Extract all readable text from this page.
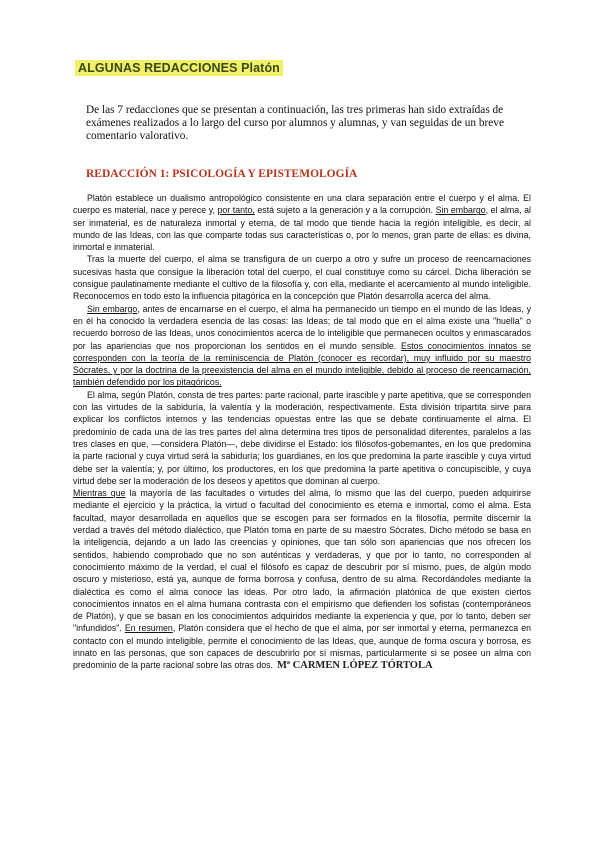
ALGUNAS REDACCIONES Platón

De las 7 redacciones que se presentan a continuación, las tres primeras han sido extraídas de exámenes realizados a lo largo del curso por alumnos y alumnas, y van seguidas de un breve comentario valorativo.

REDACCIÓN 1: PSICOLOGÍA Y EPISTEMOLOGÍA

Platón establece un dualismo antropológico consistente en una clara separación entre el cuerpo y el alma. El cuerpo es material, nace y perece y, por tanto, está sujeto a la generación y a la corrupción. Sin embargo, el alma, al ser inmaterial, es de naturaleza inmortal y eterna, de tal modo que tiende hacia la región inteligible, es decir, al mundo de las Ideas, con las que comparte todas sus características o, por lo menos, gran parte de ellas: es divina, inmortal e inmaterial.

Tras la muerte del cuerpo, el alma se transfigura de un cuerpo a otro y sufre un proceso de reencarnaciones sucesivas hasta que consigue la liberación total del cuerpo, el cual constituye como su cárcel. Dicha liberación se consigue paulatinamente mediante el cultivo de la filosofía y, con ella, mediante el acercamiento al mundo inteligible. Reconocemos en todo esto la influencia pitagórica en la concepción que Platón desarrolla acerca del alma.

Sin embargo, antes de encarnarse en el cuerpo, el alma ha permanecido un tiempo en el mundo de las Ideas, y en él ha conocido la verdadera esencia de las cosas: las Ideas; de tal modo que en el alma existe una "huella" o recuerdo borroso de las Ideas, unos conocimientos acerca de lo inteligible que permanecen ocultos y enmascarados por las apariencias que nos proporcionan los sentidos en el mundo sensible. Estos conocimientos innatos se corresponden con la teoría de la reminiscencia de Platón (conocer es recordar), muy influido por su maestro Sócrates, y por la doctrina de la preexistencia del alma en el mundo inteligible, debido al proceso de reencarnación, también defendido por los pitagóricos.

El alma, según Platón, consta de tres partes: parte racional, parte irascible y parte apetitiva, que se corresponden con las virtudes de la sabiduría, la valentía y la moderación, respectivamente. Esta división tripartita sirve para explicar los conflictos internos y las tendencias opuestas entre las que se debate continuamente el alma. El predominio de cada una de las tres partes del alma determina tres tipos de personalidad diferentes, paralelos a las tres clases en que, —considera Platón—, debe dividirse el Estado: los filósofos-gobernantes, en los que predomina la parte racional y cuya virtud será la sabiduría; los guardianes, en los que predomina la parte irascible y cuya virtud debe ser la valentía; y, por último, los productores, en los que predomina la parte apetitiva o concupiscible, y cuya virtud debe ser la moderación de los deseos y apetitos que dominan al cuerpo.

Mientras que la mayoría de las facultades o virtudes del alma, lo mismo que las del cuerpo, pueden adquirirse mediante el ejercicio y la práctica, la virtud o facultad del conocimiento es eterna e inmortal, como el alma. Esta facultad, mayor desarrollada en aquellos que se escogen para ser formados en la filosofía, permite discernir la verdad a través del método dialéctico, que Platón toma en parte de su maestro Sócrates. Dicho método se basa en la inteligencia, dejando a un lado las creencias y opiniones, que tan sólo son apariencias que nos ofrecen los sentidos, habiendo comprobado que no son auténticas y verdaderas, y que por lo tanto, no corresponden al conocimiento máximo de la verdad, el cual el filósofo es capaz de descubrir por sí mismo, pues, de algún modo oscuro y misterioso, está ya, aunque de forma borrosa y confusa, dentro de su alma. Recordándoles mediante la dialéctica es como el alma conoce las ideas. Por otro lado, la afirmación platónica de que existen ciertos conocimientos innatos en el alma humana contrasta con el empirismo que defienden los sofistas (contemporáneos de Platón), y que se basan en los conocimientos adquiridos mediante la experiencia y que, por lo tanto, deben ser "infundidos". En resumen, Platón considera que el hecho de que el alma, por ser inmortal y eterna, permanezca en contacto con el mundo inteligible, permite el conocimiento de las Ideas, que, aunque de forma oscura y borrosa, es innato en las personas, que son capaces de descubrirlo por sí mismas, particularmente si se posee un alma con predominio de la parte racional sobre las otras dos. Mª CARMEN LÓPEZ TÓRTOLA
